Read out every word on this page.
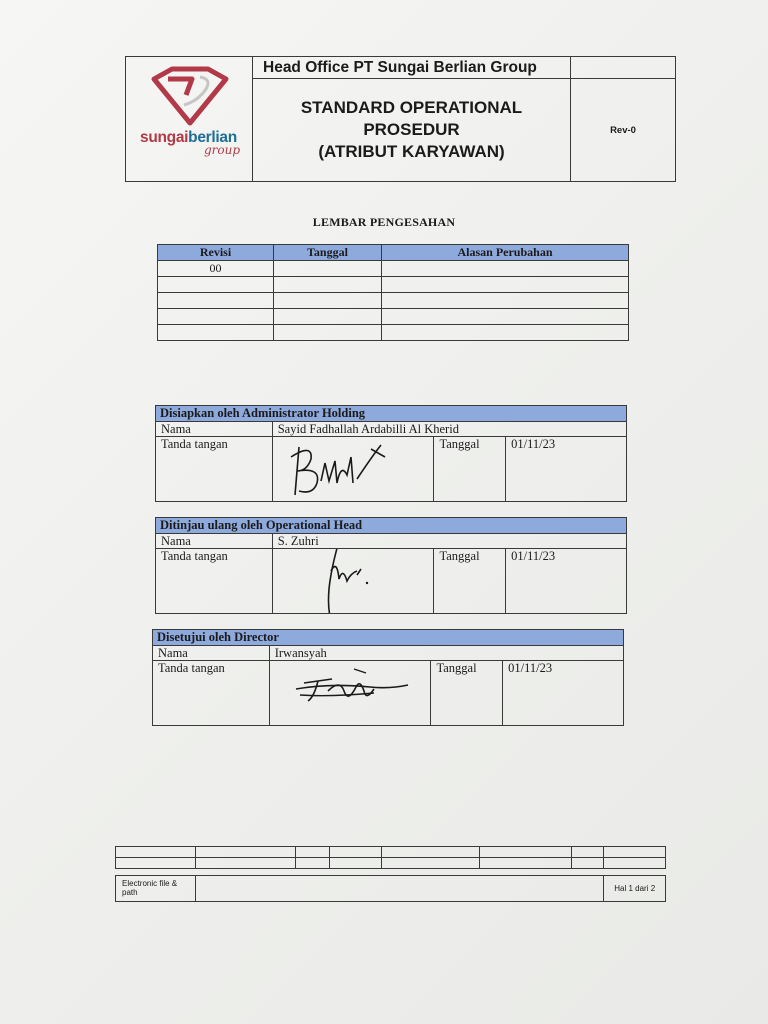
sungaiberlian
group	Head Office PT Sungai Berlian Group	

	STANDARD OPERATIONAL
PROSEDUR
(ATRIBUT KARYAWAN)	Rev-0
LEMBAR PENGESAHAN
Revisi	Tanggal	Alasan Perubahan
00		

Disiapkan oleh Administrator Holding			
Nama	Sayid Fadhallah Ardabilli Al Kherid		
Tanda tangan		Tanggal	01/11/23
Ditinjau ulang oleh Operational Head			
Nama	S. Zuhri		
Tanda tangan		Tanggal	01/11/23
Disetujui oleh Director			
Nama	Irwansyah		
Tanda tangan		Tanggal	01/11/23

Electronic file &
path							Hal 1 dari 2
